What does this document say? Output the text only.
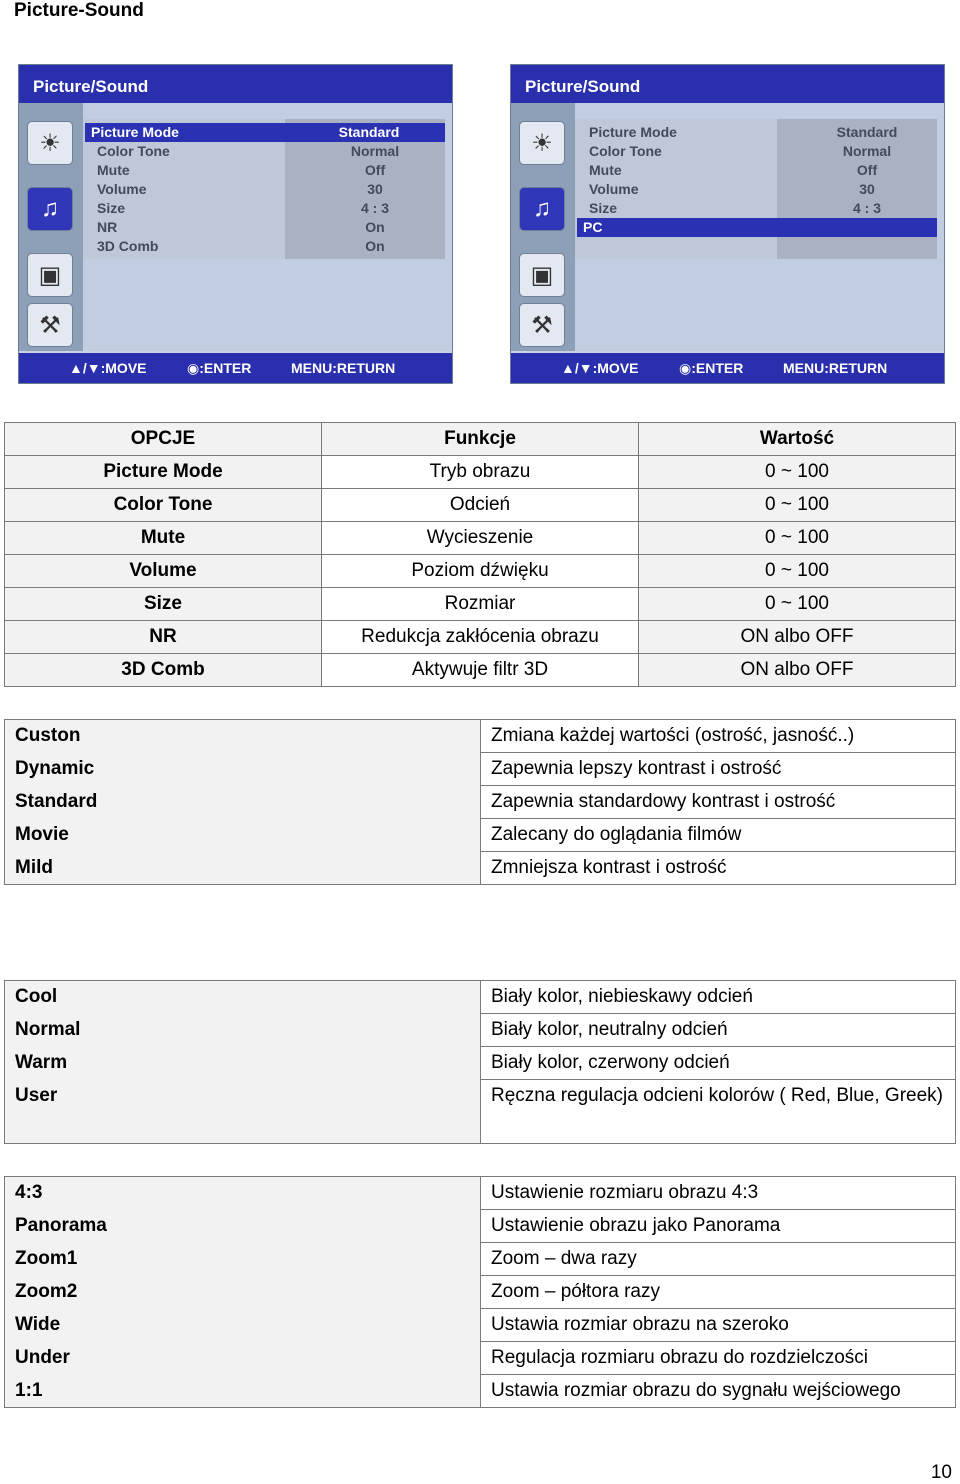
Picture-Sound
Picture/Sound
☀
♫
▣
⚒
Picture Mode	Standard
Color Tone	Normal
Mute	Off
Volume	30
Size	4 : 3
NR	On
3D Comb	On
▲/▼:MOVE	◉:ENTER	MENU:RETURN
Picture/Sound
☀
♫
▣
⚒
Picture Mode	Standard
Color Tone	Normal
Mute	Off
Volume	30
Size	4 : 3
PC
▲/▼:MOVE	◉:ENTER	MENU:RETURN
OPCJE	Funkcje	Wartość
Picture Mode	Tryb obrazu	0 ~ 100
Color Tone	Odcień	0 ~ 100
Mute	Wycieszenie	0 ~ 100
Volume	Poziom dźwięku	0 ~ 100
Size	Rozmiar	0 ~ 100
NR	Redukcja zakłócenia obrazu	ON albo OFF
3D Comb	Aktywuje filtr 3D	ON albo OFF
Custon	Zmiana każdej wartości (ostrość, jasność..)
Dynamic	Zapewnia lepszy kontrast i ostrość
Standard	Zapewnia standardowy kontrast i ostrość
Movie	Zalecany do oglądania filmów
Mild	Zmniejsza kontrast i ostrość
Cool	Biały kolor, niebieskawy odcień
Normal	Biały kolor, neutralny odcień
Warm	Biały kolor, czerwony odcień
User	Ręczna regulacja odcieni kolorów ( Red, Blue, Greek)
4:3	Ustawienie rozmiaru obrazu 4:3
Panorama	Ustawienie obrazu jako Panorama
Zoom1	Zoom – dwa razy
Zoom2	Zoom – półtora razy
Wide	Ustawia rozmiar obrazu na szeroko
Under	Regulacja rozmiaru obrazu do rozdzielczości
1:1	Ustawia rozmiar obrazu do sygnału wejściowego
10
